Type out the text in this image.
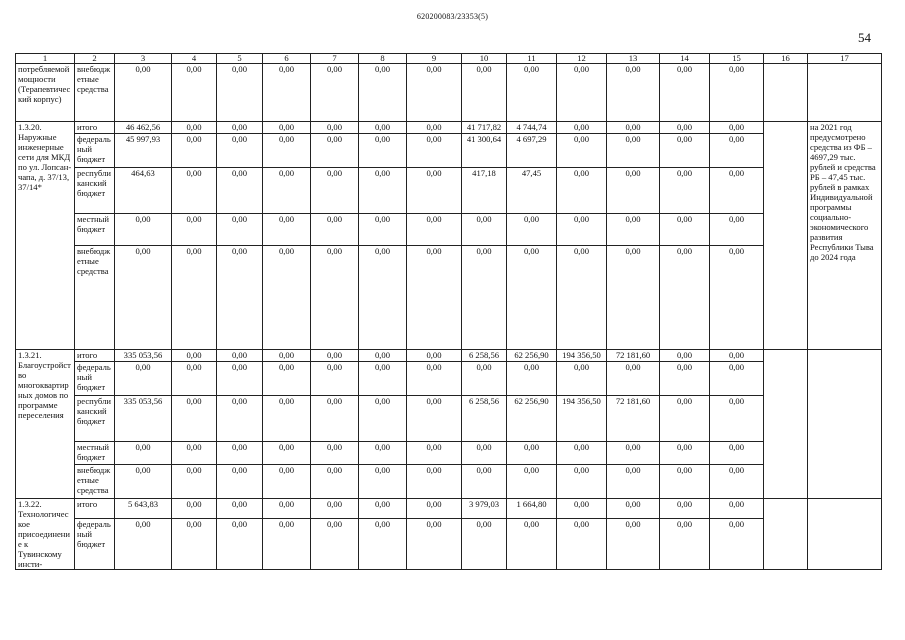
620200083/23353(5)
54
1	2	3	4	5	6	7	8	9	10	11	12	13	14	15	16	17
потребляемой мощности (Терапевтический корпус)	внебюджетные средства	0,00	0,00	0,00	0,00	0,00	0,00	0,00	0,00	0,00	0,00	0,00	0,00	0,00		
1.3.20. Наружные инженерные сети для МКД по ул. Лопсан-чапа, д. 37/13, 37/14*	итого	46 462,56	0,00	0,00	0,00	0,00	0,00	0,00	41 717,82	4 744,74	0,00	0,00	0,00	0,00		на 2021 год предусмотрено средства из ФБ – 4697,29 тыс. рублей и средства РБ – 47,45 тыс. рублей в рамках Индивидуальной программы социально-экономического развития Республики Тыва до 2024 года
	федеральный бюджет	45 997,93	0,00	0,00	0,00	0,00	0,00	0,00	41 300,64	4 697,29	0,00	0,00	0,00	0,00		
	республиканский бюджет	464,63	0,00	0,00	0,00	0,00	0,00	0,00	417,18	47,45	0,00	0,00	0,00	0,00		
	местный бюджет	0,00	0,00	0,00	0,00	0,00	0,00	0,00	0,00	0,00	0,00	0,00	0,00	0,00		
	внебюджетные средства	0,00	0,00	0,00	0,00	0,00	0,00	0,00	0,00	0,00	0,00	0,00	0,00	0,00		
1.3.21. Благоустройство многоквартирных домов по программе переселения	итого	335 053,56	0,00	0,00	0,00	0,00	0,00	0,00	6 258,56	62 256,90	194 356,50	72 181,60	0,00	0,00		
	федеральный бюджет	0,00	0,00	0,00	0,00	0,00	0,00	0,00	0,00	0,00	0,00	0,00	0,00	0,00		
	республиканский бюджет	335 053,56	0,00	0,00	0,00	0,00	0,00	0,00	6 258,56	62 256,90	194 356,50	72 181,60	0,00	0,00		
	местный бюджет	0,00	0,00	0,00	0,00	0,00	0,00	0,00	0,00	0,00	0,00	0,00	0,00	0,00		
	внебюджетные средства	0,00	0,00	0,00	0,00	0,00	0,00	0,00	0,00	0,00	0,00	0,00	0,00	0,00		
1.3.22. Технологическое присоединение к Тувинскому инсти-	итого	5 643,83	0,00	0,00	0,00	0,00	0,00	0,00	3 979,03	1 664,80	0,00	0,00	0,00	0,00		
	федеральный бюджет	0,00	0,00	0,00	0,00	0,00	0,00	0,00	0,00	0,00	0,00	0,00	0,00	0,00		
